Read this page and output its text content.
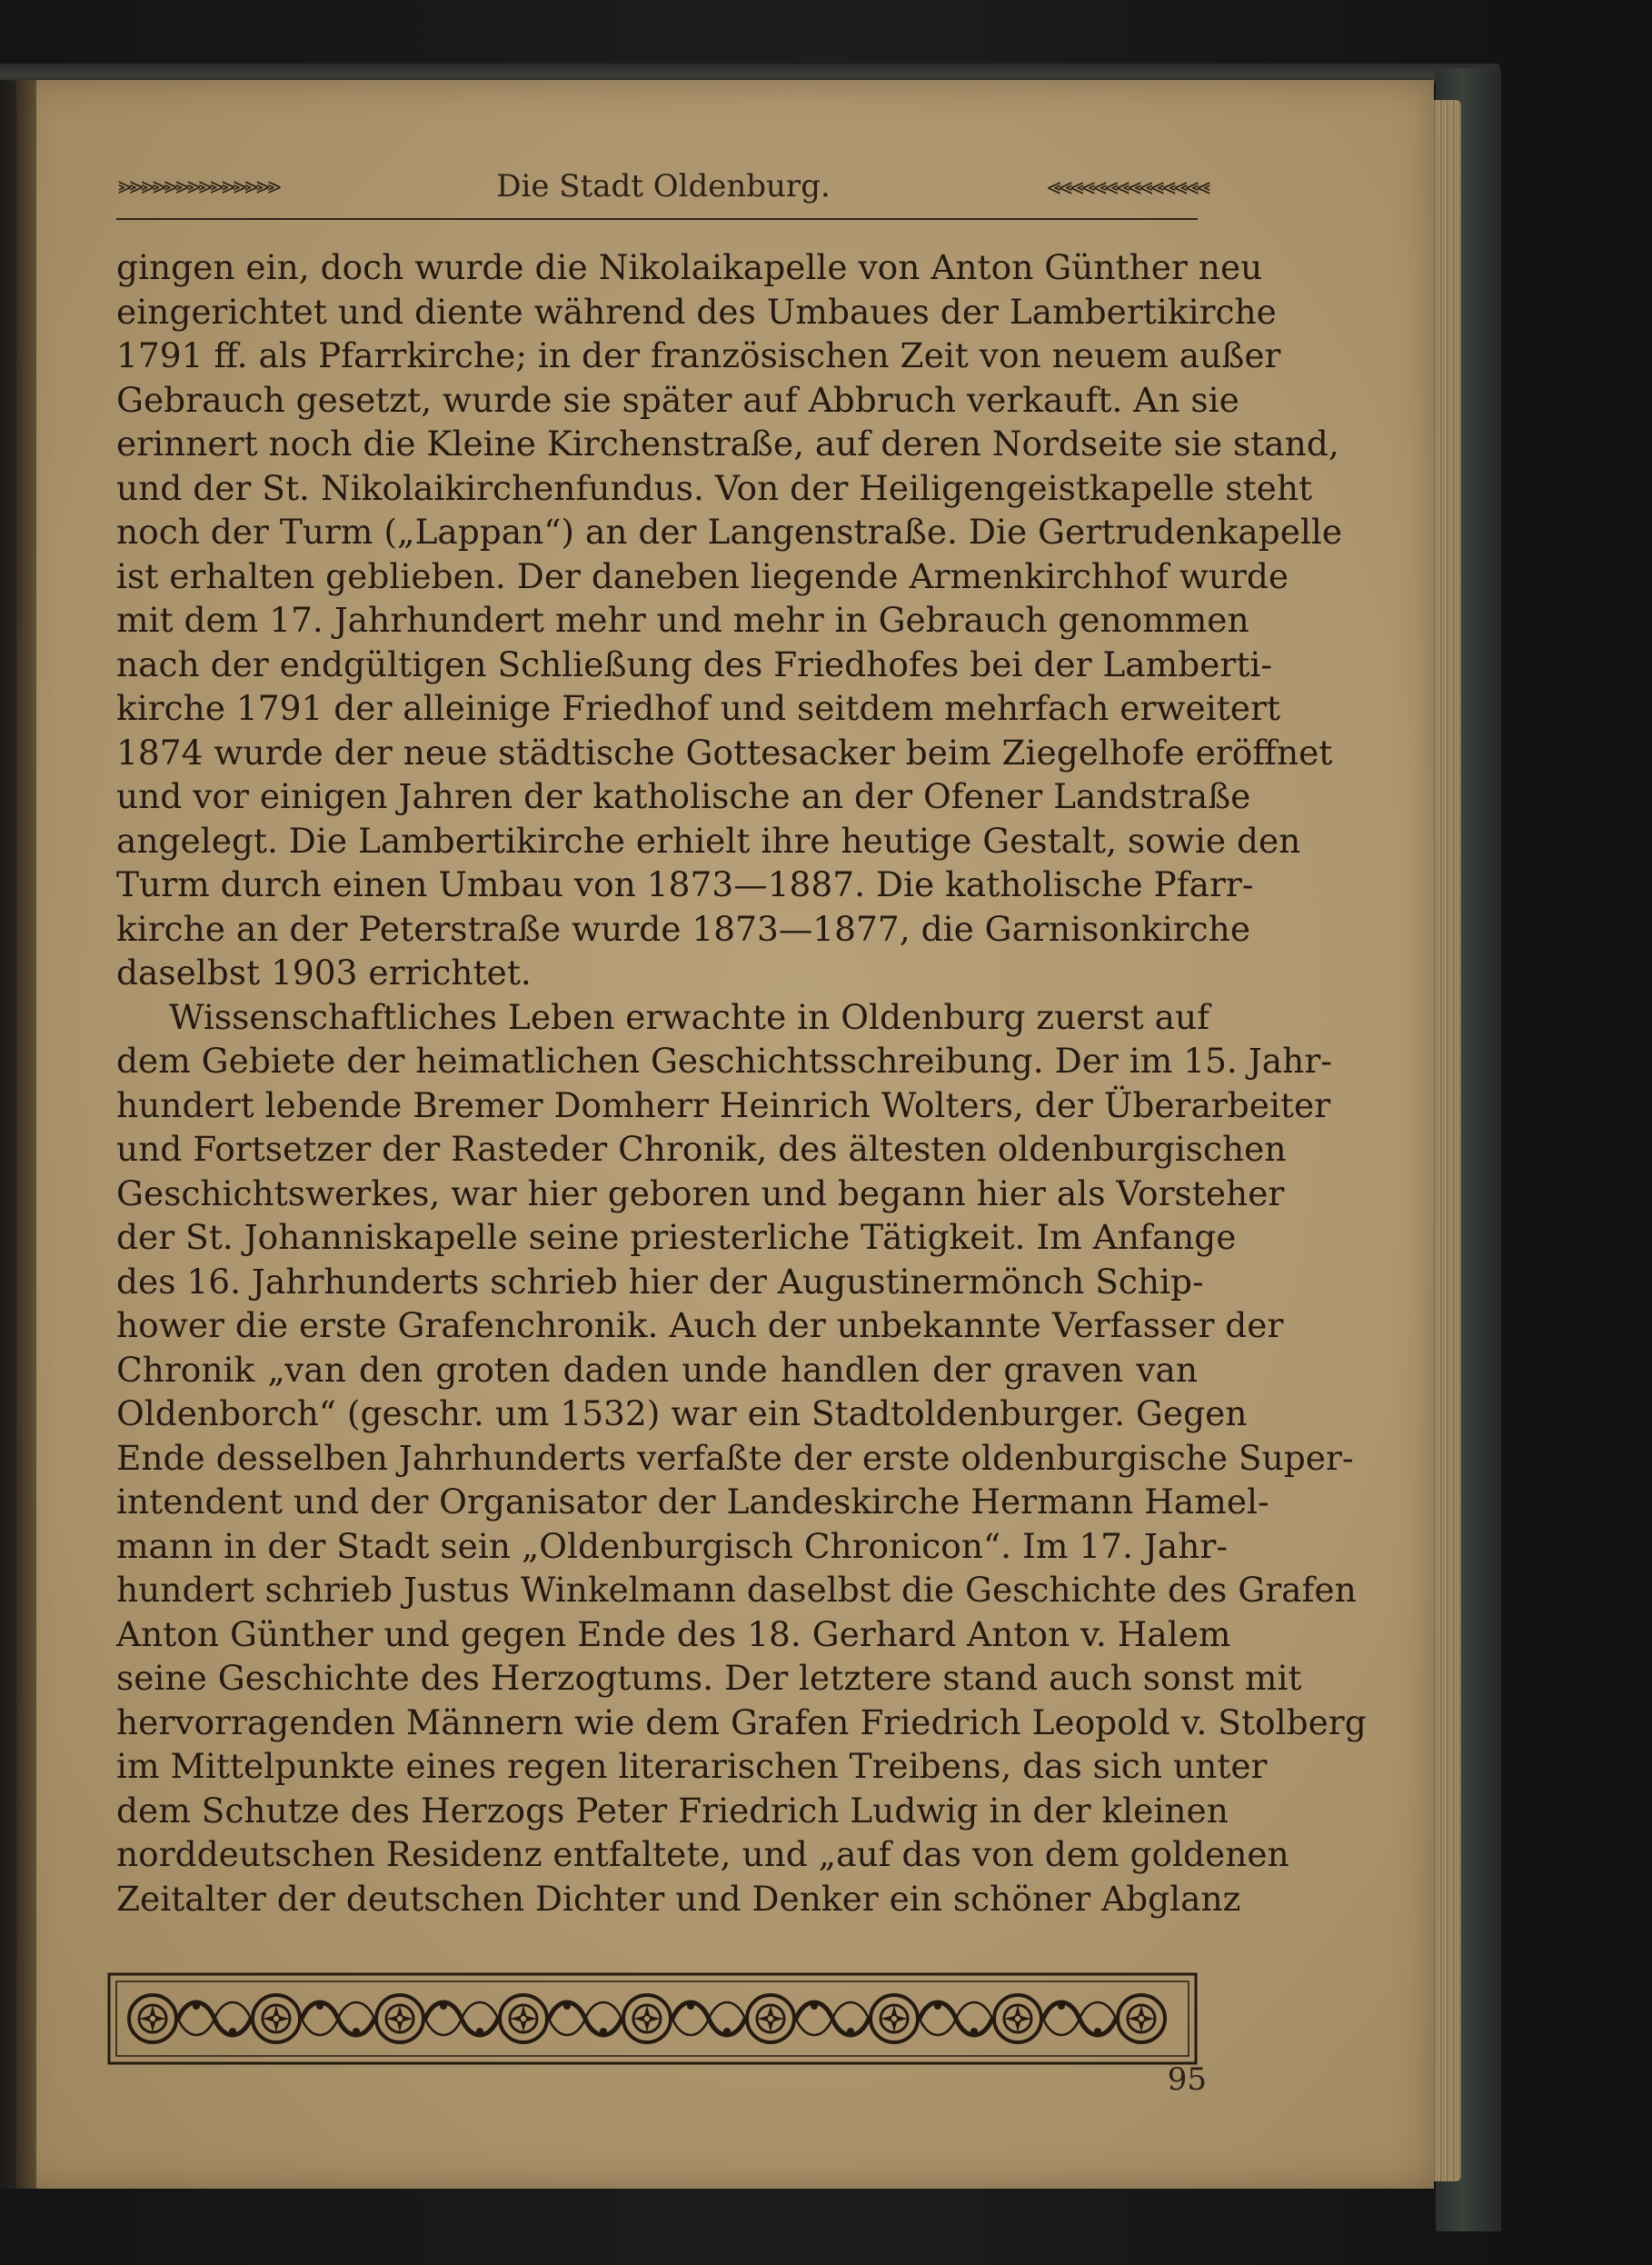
⪢⪢⪢⪢⪢⪢⪢⪢⪢⪢⪢⪢⪢⪢	Die Stadt Oldenburg.	⪡⪡⪡⪡⪡⪡⪡⪡⪡⪡⪡⪡⪡⪡
gingen ein, doch wurde die Nikolaikapelle von Anton Günther neu
eingerichtet und diente während des Umbaues der Lambertikirche
1791 ff. als Pfarrkirche; in der französischen Zeit von neuem außer
Gebrauch gesetzt, wurde sie später auf Abbruch verkauft. An sie
erinnert noch die Kleine Kirchenstraße, auf deren Nordseite sie stand,
und der St. Nikolaikirchenfundus. Von der Heiligengeistkapelle steht
noch der Turm („Lappan“) an der Langenstraße. Die Gertrudenkapelle
ist erhalten geblieben. Der daneben liegende Armenkirchhof wurde
mit dem 17. Jahrhundert mehr und mehr in Gebrauch genommen
nach der endgültigen Schließung des Friedhofes bei der Lamberti-
kirche 1791 der alleinige Friedhof und seitdem mehrfach erweitert
1874 wurde der neue städtische Gottesacker beim Ziegelhofe eröffnet
und vor einigen Jahren der katholische an der Ofener Landstraße
angelegt. Die Lambertikirche erhielt ihre heutige Gestalt, sowie den
Turm durch einen Umbau von 1873—1887. Die katholische Pfarr-
kirche an der Peterstraße wurde 1873—1877, die Garnisonkirche
daselbst 1903 errichtet.
Wissenschaftliches Leben erwachte in Oldenburg zuerst auf
dem Gebiete der heimatlichen Geschichtsschreibung. Der im 15. Jahr-
hundert lebende Bremer Domherr Heinrich Wolters, der Überarbeiter
und Fortsetzer der Rasteder Chronik, des ältesten oldenburgischen
Geschichtswerkes, war hier geboren und begann hier als Vorsteher
der St. Johanniskapelle seine priesterliche Tätigkeit. Im Anfange
des 16. Jahrhunderts schrieb hier der Augustinermönch Schip-
hower die erste Grafenchronik. Auch der unbekannte Verfasser der
Chronik „van den groten daden unde handlen der graven van
Oldenborch“ (geschr. um 1532) war ein Stadtoldenburger. Gegen
Ende desselben Jahrhunderts verfaßte der erste oldenburgische Super-
intendent und der Organisator der Landeskirche Hermann Hamel-
mann in der Stadt sein „Oldenburgisch Chronicon“. Im 17. Jahr-
hundert schrieb Justus Winkelmann daselbst die Geschichte des Grafen
Anton Günther und gegen Ende des 18. Gerhard Anton v. Halem
seine Geschichte des Herzogtums. Der letztere stand auch sonst mit
hervorragenden Männern wie dem Grafen Friedrich Leopold v. Stolberg
im Mittelpunkte eines regen literarischen Treibens, das sich unter
dem Schutze des Herzogs Peter Friedrich Ludwig in der kleinen
norddeutschen Residenz entfaltete, und „auf das von dem goldenen
Zeitalter der deutschen Dichter und Denker ein schöner Abglanz
95
